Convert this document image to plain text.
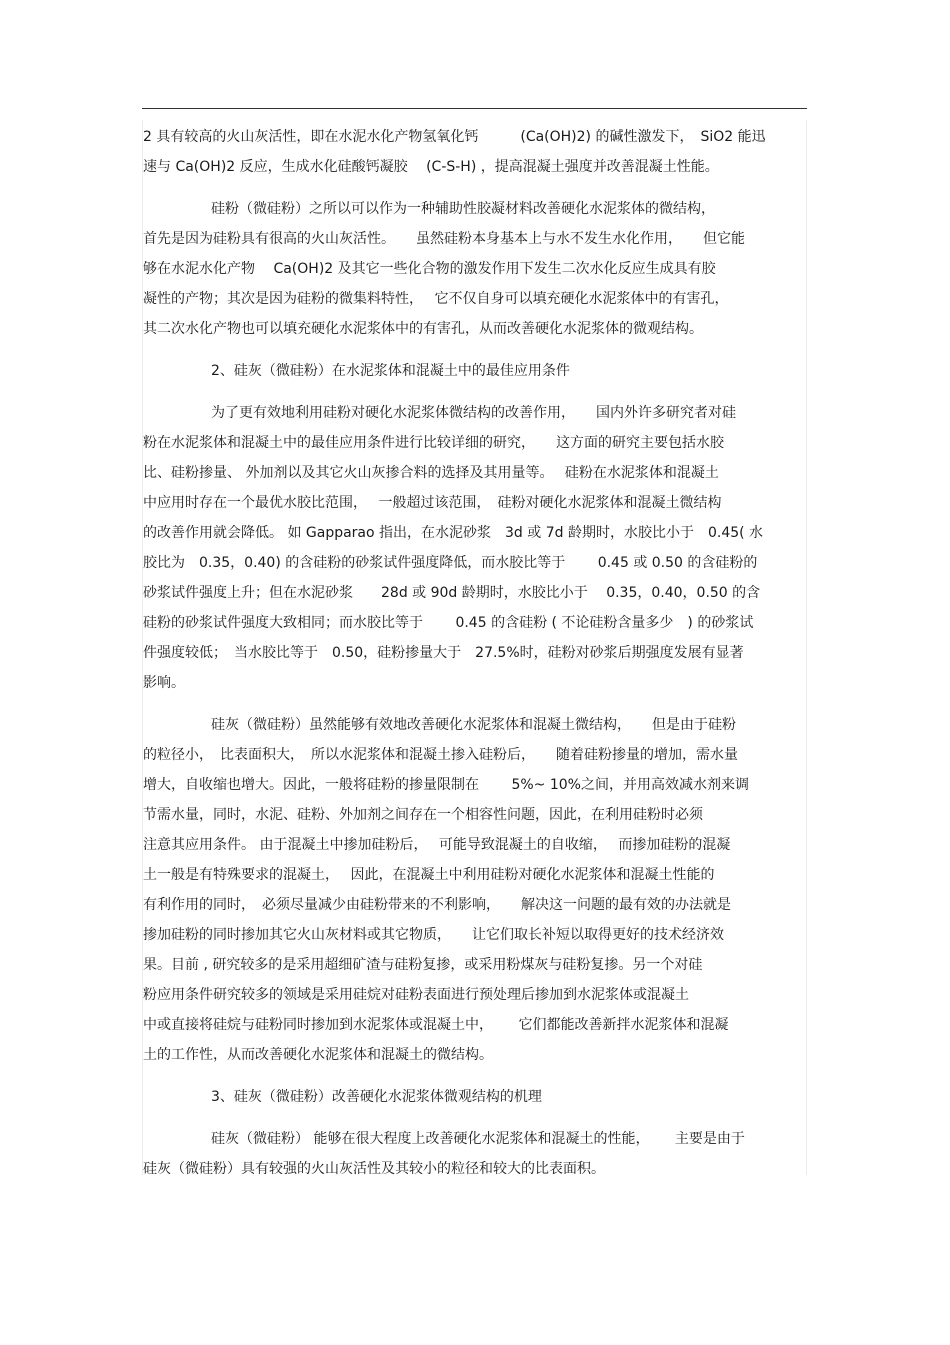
2 具有较高的火山灰活性，即在水泥水化产物氢氧化钙　　　(Ca(OH)2) 的碱性激发下，　SiO2 能迅
速与 Ca(OH)2 反应，生成水化硅酸钙凝胶　 (C-S-H) ，提高混凝土强度并改善混凝土性能。
硅粉（微硅粉）之所以可以作为一种辅助性胶凝材料改善硬化水泥浆体的微结构，
首先是因为硅粉具有很高的火山灰活性。　　虽然硅粉本身基本上与水不发生水化作用，　　但它能
够在水泥水化产物　 Ca(OH)2 及其它一些化合物的激发作用下发生二次水化反应生成具有胶
凝性的产物；其次是因为硅粉的微集料特性，　 它不仅自身可以填充硬化水泥浆体中的有害孔，
其二次水化产物也可以填充硬化水泥浆体中的有害孔，从而改善硬化水泥浆体的微观结构。
2、硅灰（微硅粉）在水泥浆体和混凝土中的最佳应用条件
为了更有效地利用硅粉对硬化水泥浆体微结构的改善作用，　　国内外许多研究者对硅
粉在水泥浆体和混凝土中的最佳应用条件进行比较详细的研究，　　这方面的研究主要包括水胶
比、硅粉掺量、 外加剂以及其它火山灰掺合料的选择及其用量等。　 硅粉在水泥浆体和混凝土
中应用时存在一个最优水胶比范围，　 一般超过该范围，　硅粉对硬化水泥浆体和混凝土微结构
的改善作用就会降低。 如 Gapparao 指出，在水泥砂浆　3d 或 7d 龄期时，水胶比小于　0.45( 水
胶比为　0.35，0.40) 的含硅粉的砂浆试件强度降低，而水胶比等于　　 0.45 或 0.50 的含硅粉的
砂浆试件强度上升；但在水泥砂浆　　28d 或 90d 龄期时，水胶比小于　 0.35，0.40，0.50 的含
硅粉的砂浆试件强度大致相同；而水胶比等于　　 0.45 的含硅粉 ( 不论硅粉含量多少　) 的砂浆试
件强度较低；　当水胶比等于　0.50，硅粉掺量大于　27.5%时，硅粉对砂浆后期强度发展有显著
影响。
硅灰（微硅粉）虽然能够有效地改善硬化水泥浆体和混凝土微结构，　　但是由于硅粉
的粒径小，　比表面积大，　所以水泥浆体和混凝土掺入硅粉后，　　随着硅粉掺量的增加，需水量
增大，自收缩也增大。因此，一般将硅粉的掺量限制在　　 5%~ 10%之间，并用高效减水剂来调
节需水量，同时，水泥、硅粉、外加剂之间存在一个相容性问题，因此，在利用硅粉时必须
注意其应用条件。 由于混凝土中掺加硅粉后，　 可能导致混凝土的自收缩，　 而掺加硅粉的混凝
土一般是有特殊要求的混凝土，　 因此，在混凝土中利用硅粉对硬化水泥浆体和混凝土性能的
有利作用的同时，　必须尽量减少由硅粉带来的不利影响，　　解决这一问题的最有效的办法就是
掺加硅粉的同时掺加其它火山灰材料或其它物质，　　让它们取长补短以取得更好的技术经济效
果。目前 , 研究较多的是采用超细矿渣与硅粉复掺，或采用粉煤灰与硅粉复掺。另一个对硅
粉应用条件研究较多的领域是采用硅烷对硅粉表面进行预处理后掺加到水泥浆体或混凝土
中或直接将硅烷与硅粉同时掺加到水泥浆体或混凝土中，　　 它们都能改善新拌水泥浆体和混凝
土的工作性，从而改善硬化水泥浆体和混凝土的微结构。
3、硅灰（微硅粉）改善硬化水泥浆体微观结构的机理
硅灰（微硅粉） 能够在很大程度上改善硬化水泥浆体和混凝土的性能，　　 主要是由于
硅灰（微硅粉）具有较强的火山灰活性及其较小的粒径和较大的比表面积。
